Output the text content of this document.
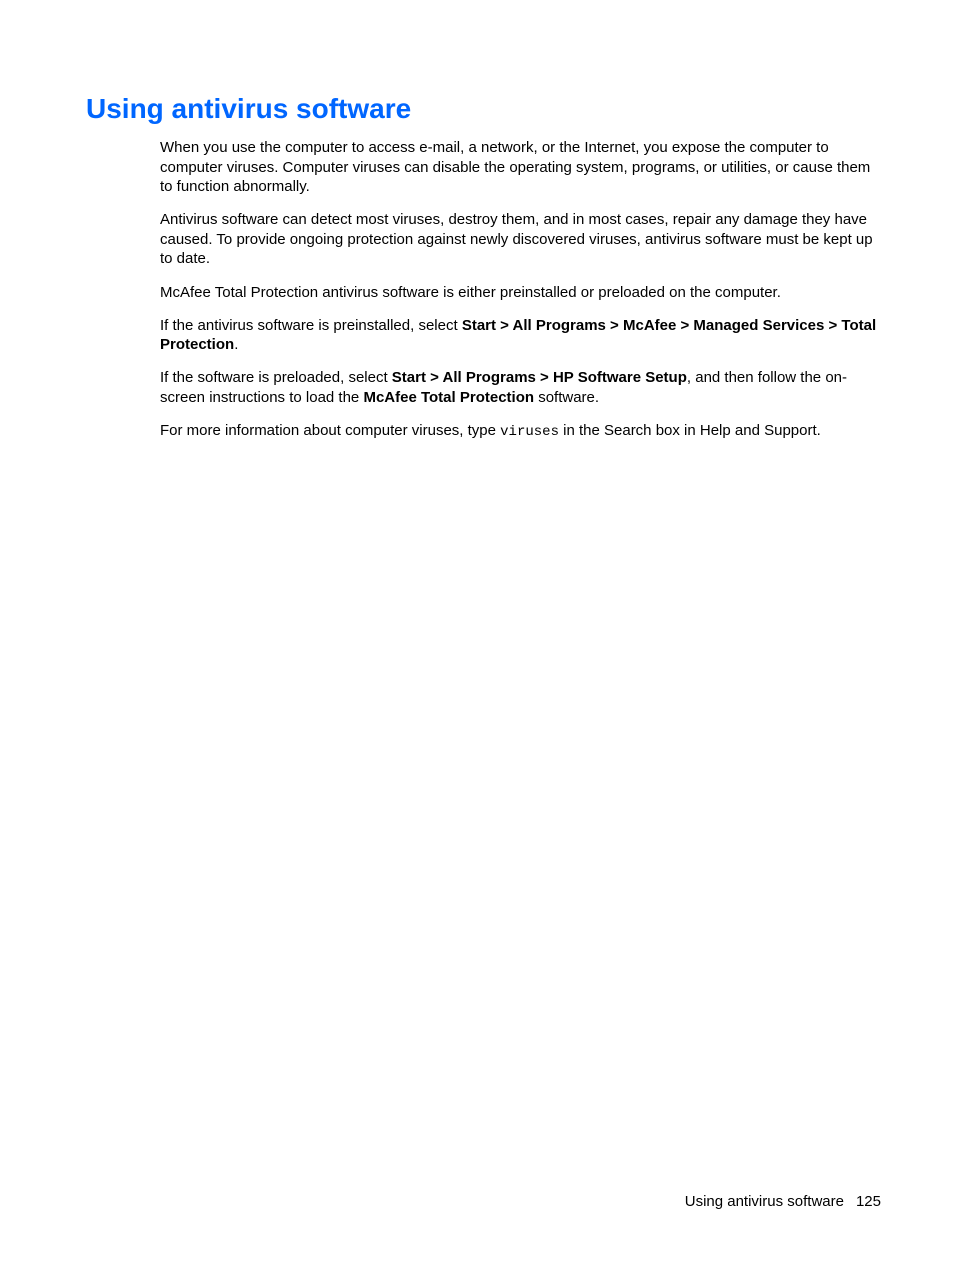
Using antivirus software

When you use the computer to access e-mail, a network, or the Internet, you expose the computer to computer viruses. Computer viruses can disable the operating system, programs, or utilities, or cause them to function abnormally.

Antivirus software can detect most viruses, destroy them, and in most cases, repair any damage they have caused. To provide ongoing protection against newly discovered viruses, antivirus software must be kept up to date.

McAfee Total Protection antivirus software is either preinstalled or preloaded on the computer.

If the antivirus software is preinstalled, select Start > All Programs > McAfee > Managed Services > Total Protection.

If the software is preloaded, select Start > All Programs > HP Software Setup, and then follow the on-screen instructions to load the McAfee Total Protection software.

For more information about computer viruses, type viruses in the Search box in Help and Support.

Using antivirus software 125
